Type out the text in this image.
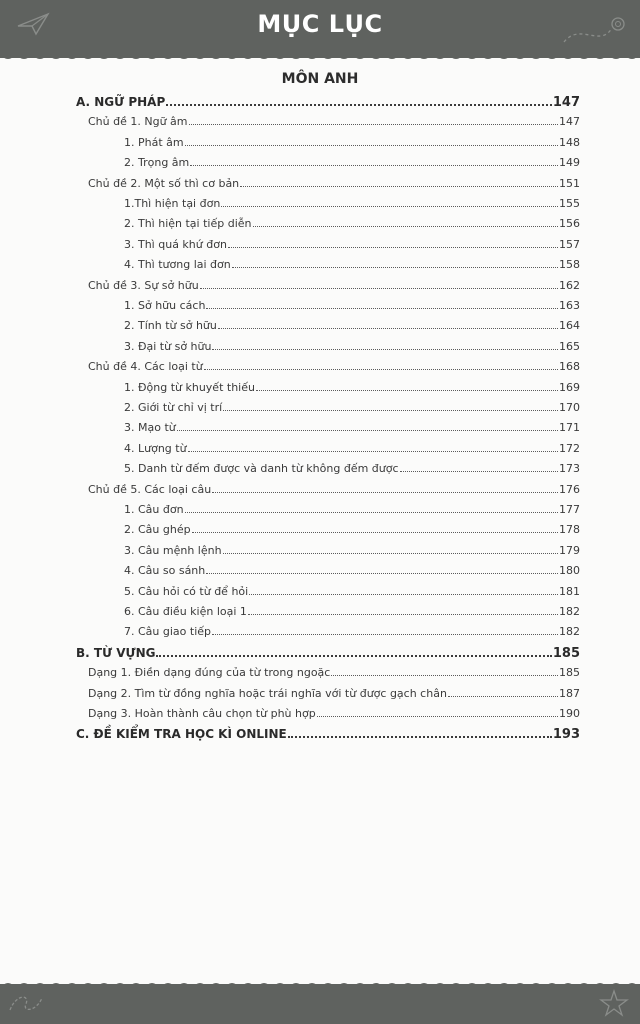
MỤC LỤC
MÔN ANH
A. NGỮ PHÁP	147
Chủ đề 1. Ngữ âm	147
1. Phát âm	148
2. Trọng âm	149
Chủ đề 2. Một số thì cơ bản	151
1.Thì hiện tại đơn	155
2. Thì hiện tại tiếp diễn	156
3. Thì quá khứ đơn	157
4. Thì tương lai đơn	158
Chủ đề 3. Sự sở hữu	162
1. Sở hữu cách	163
2. Tính từ sở hữu	164
3. Đại từ sở hữu	165
Chủ đề 4. Các loại từ	168
1. Động từ khuyết thiếu	169
2. Giới từ chỉ vị trí	170
3. Mạo từ	171
4. Lượng từ	172
5. Danh từ đếm được và danh từ không đếm được	173
Chủ đề 5. Các loại câu	176
1. Câu đơn	177
2. Câu ghép	178
3. Câu mệnh lệnh	179
4. Câu so sánh	180
5. Câu hỏi có từ để hỏi	181
6. Câu điều kiện loại 1	182
7. Câu giao tiếp	182
B. TỪ VỰNG	185
Dạng 1. Điền dạng đúng của từ trong ngoặc	185
Dạng 2. Tìm từ đồng nghĩa hoặc trái nghĩa với từ được gạch chân	187
Dạng 3. Hoàn thành câu chọn từ phù hợp	190
C. ĐỀ KIỂM TRA HỌC KÌ ONLINE	193
